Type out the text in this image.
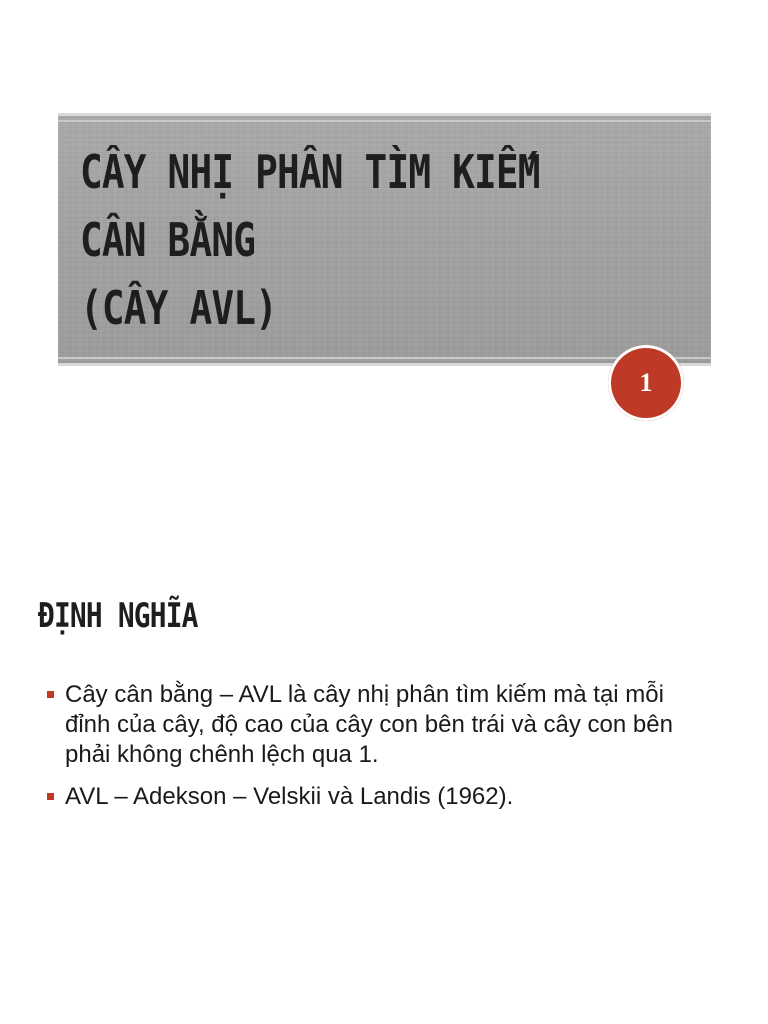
CÂY NHỊ PHÂN TÌM KIẾM
CÂN BẰNG
(CÂY AVL)
1
ĐỊNH NGHĨA
Cây cân bằng – AVL là cây nhị phân tìm kiếm mà tại mỗi đỉnh của cây, độ cao của cây con bên trái và cây con bên phải không chênh lệch qua 1.
AVL – Adekson – Velskii và Landis (1962).
